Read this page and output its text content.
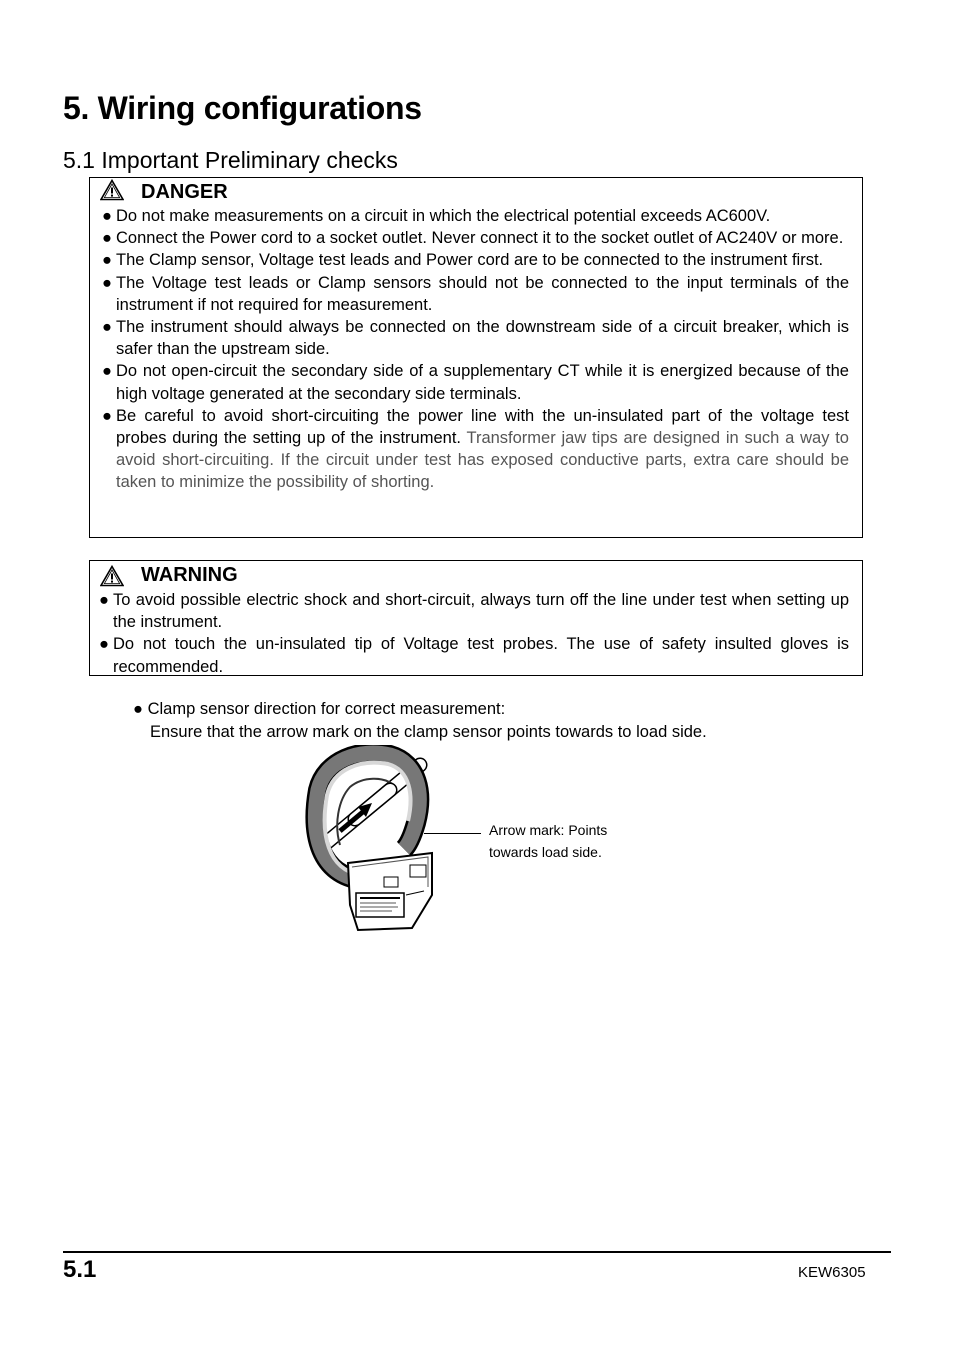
5. Wiring configurations
5.1 Important Preliminary checks
DANGER
● Do not make measurements on a circuit in which the electrical potential exceeds AC600V.
● Connect the Power cord to a socket outlet. Never connect it to the socket outlet of AC240V or more.
● The Clamp sensor, Voltage test leads and Power cord are to be connected to the instrument first.
● The Voltage test leads or Clamp sensors should not be connected to the input terminals of the instrument if not required for measurement.
● The instrument should always be connected on the downstream side of a circuit breaker, which is safer than the upstream side.
● Do not open-circuit the secondary side of a supplementary CT while it is energized because of the high voltage generated at the secondary side terminals.
● Be careful to avoid short-circuiting the power line with the un-insulated part of the voltage test probes during the setting up of the instrument. Transformer jaw tips are designed in such a way to avoid short-circuiting. If the circuit under test has exposed conductive parts, extra care should be taken to minimize the possibility of shorting.
WARNING
● To avoid possible electric shock and short-circuit, always turn off the line under test when setting up the instrument.
● Do not touch the un-insulated tip of Voltage test probes. The use of safety insulted gloves is recommended.
● Clamp sensor direction for correct measurement:
Ensure that the arrow mark on the clamp sensor points towards to load side.
Arrow mark: Points
towards load side.
5.1	KEW6305
